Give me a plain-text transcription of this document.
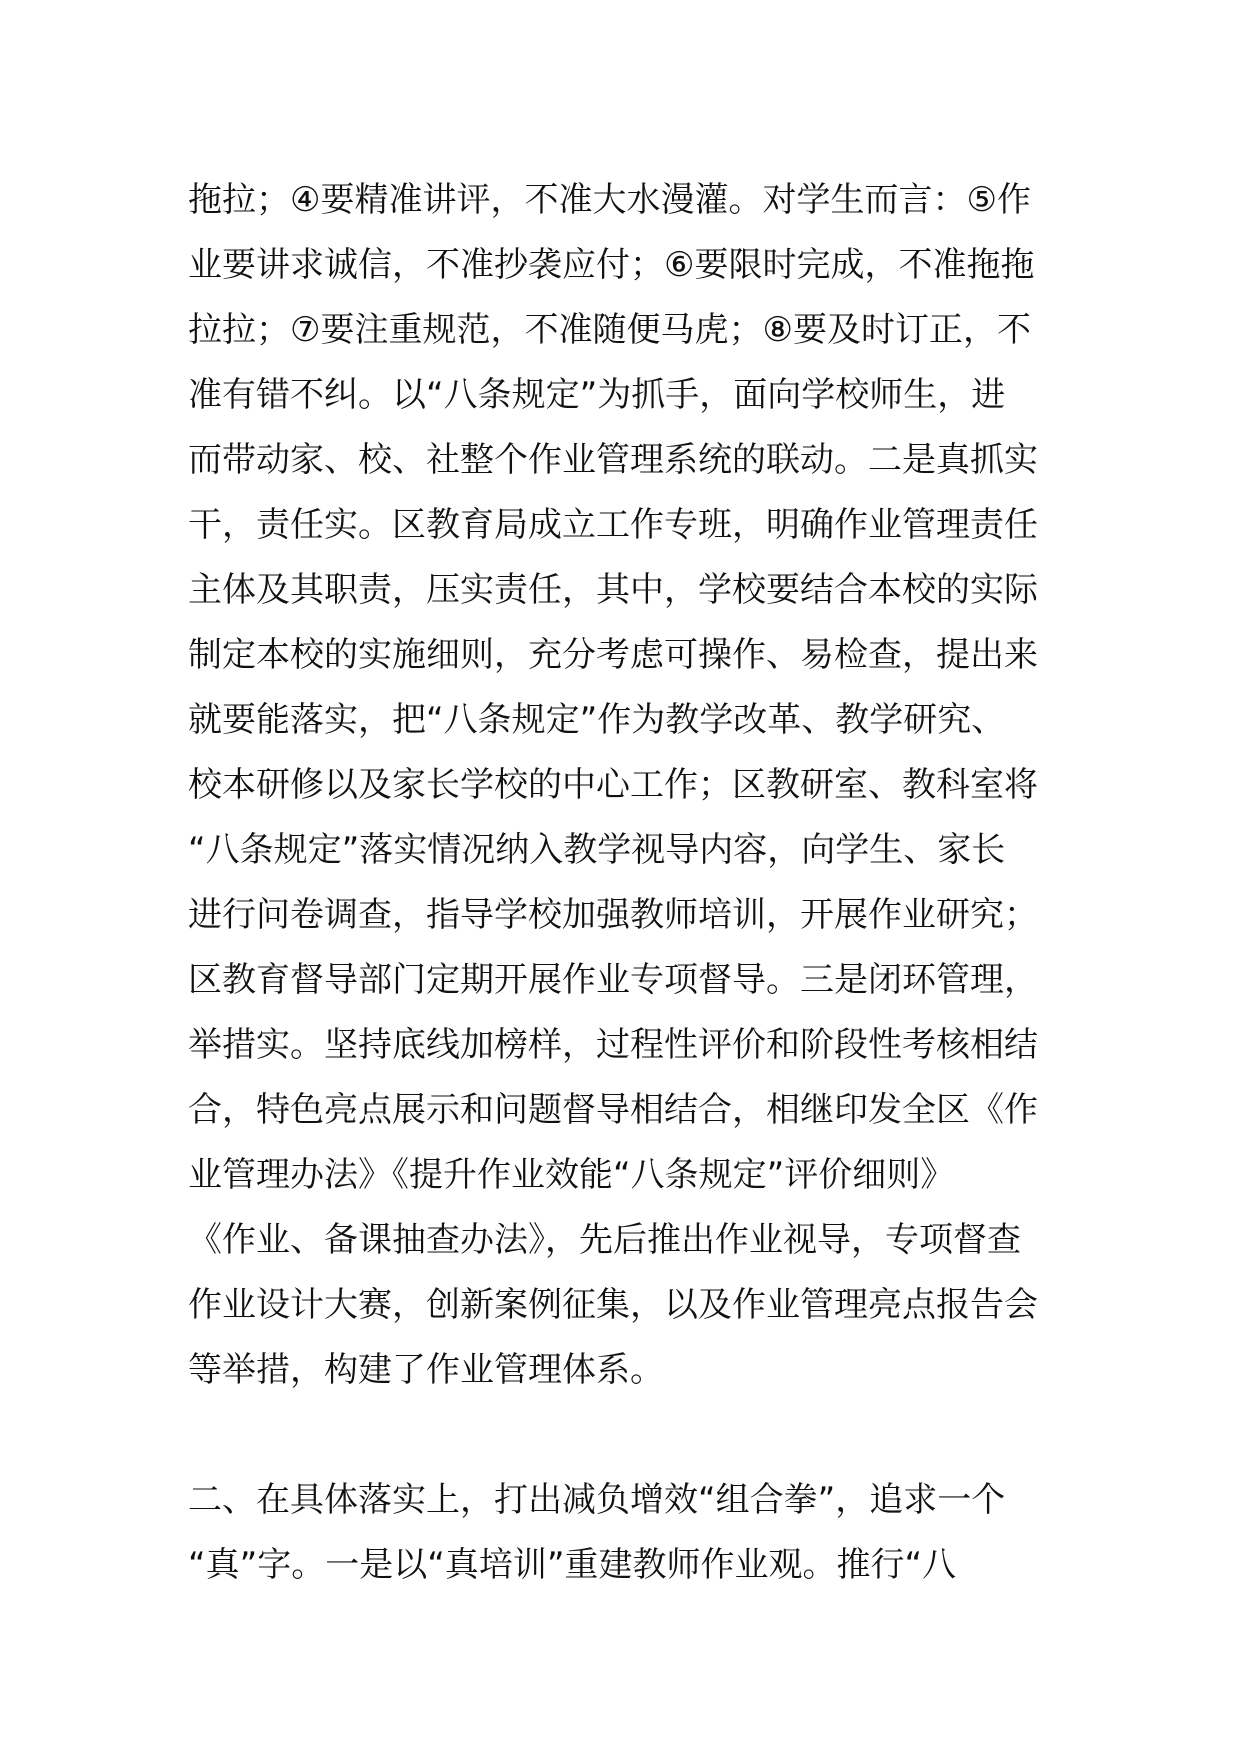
拖拉；④要精准讲评，不准大水漫灌。对学生而言：⑤作
业要讲求诚信，不准抄袭应付；⑥要限时完成，不准拖拖
拉拉；⑦要注重规范，不准随便马虎；⑧要及时订正，不
准有错不纠。以“八条规定”为抓手，面向学校师生，进
而带动家、校、社整个作业管理系统的联动。二是真抓实
干，责任实。区教育局成立工作专班，明确作业管理责任
主体及其职责，压实责任，其中，学校要结合本校的实际
制定本校的实施细则，充分考虑可操作、易检查，提出来
就要能落实，把“八条规定”作为教学改革、教学研究、
校本研修以及家长学校的中心工作；区教研室、教科室将
“八条规定”落实情况纳入教学视导内容，向学生、家长
进行问卷调查，指导学校加强教师培训，开展作业研究；
区教育督导部门定期开展作业专项督导。三是闭环管理，
举措实。坚持底线加榜样，过程性评价和阶段性考核相结
合，特色亮点展示和问题督导相结合，相继印发全区《作
业管理办法》《提升作业效能“八条规定”评价细则》
《作业、备课抽查办法》，先后推出作业视导，专项督查
作业设计大赛，创新案例征集，以及作业管理亮点报告会
等举措，构建了作业管理体系。
二、在具体落实上，打出减负增效“组合拳”，追求一个
“真”字。一是以“真培训”重建教师作业观。推行“八
